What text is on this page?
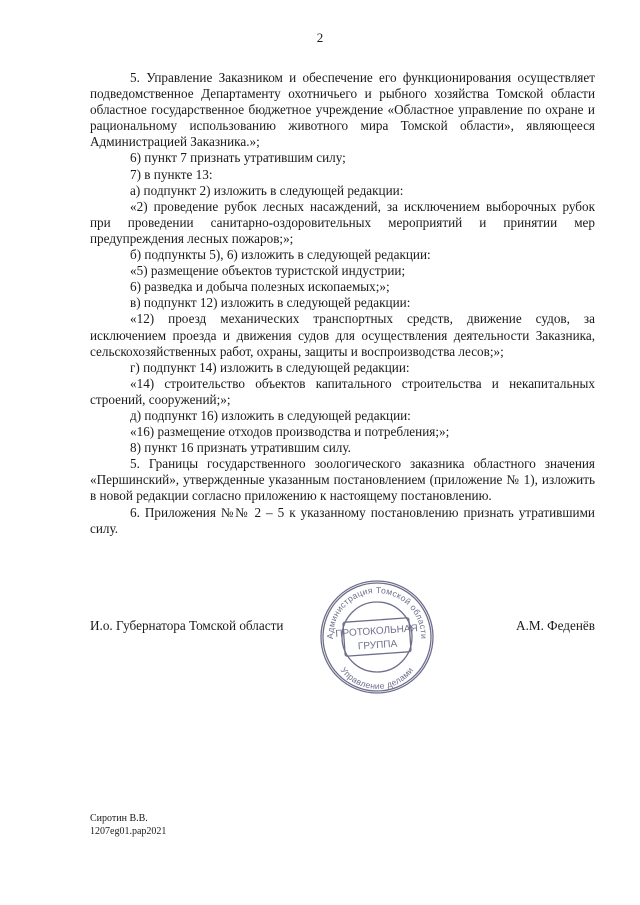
2

5. Управление Заказником и обеспечение его функционирования осуществляет подведомственное Департаменту охотничьего и рыбного хозяйства Томской области областное государственное бюджетное учреждение «Областное управление по охране и рациональному использованию животного мира Томской области», являющееся Администрацией Заказника.»;

6) пункт 7 признать утратившим силу;

7) в пункте 13:

а) подпункт 2) изложить в следующей редакции:

«2) проведение рубок лесных насаждений, за исключением выборочных рубок при проведении санитарно-оздоровительных мероприятий и принятии мер предупреждения лесных пожаров;»;

б) подпункты 5), 6) изложить в следующей редакции:

«5) размещение объектов туристской индустрии;

6) разведка и добыча полезных ископаемых;»;

в) подпункт 12) изложить в следующей редакции:

«12) проезд механических транспортных средств, движение судов, за исключением проезда и движения судов для осуществления деятельности Заказника, сельскохозяйственных работ, охраны, защиты и воспроизводства лесов;»;

г) подпункт 14) изложить в следующей редакции:

«14) строительство объектов капитального строительства и некапитальных строений, сооружений;»;

д) подпункт 16) изложить в следующей редакции:

«16) размещение отходов производства и потребления;»;

8) пункт 16 признать утратившим силу.

5. Границы государственного зоологического заказника областного значения «Першинский», утвержденные указанным постановлением (приложение № 1), изложить в новой редакции согласно приложению к настоящему постановлению.

6. Приложения №№ 2 – 5 к указанному постановлению признать утратившими силу.

И.о. Губернатора Томской области	А.М. Феденёв
Администрация Томской области
Управление делами
ПРОТОКОЛЬНАЯ
ГРУППА
Сиротин В.В.
1207eg01.pap2021
